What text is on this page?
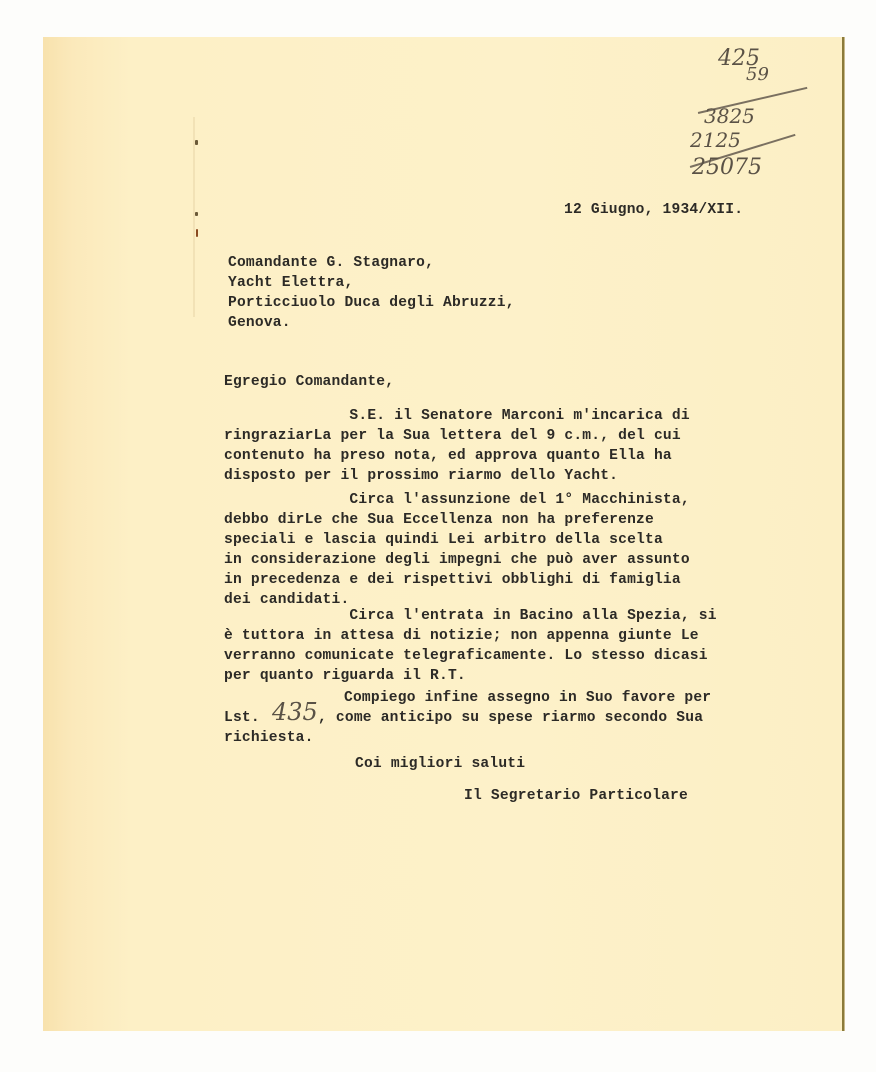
425
59
3825
2125
25075
12 Giugno, 1934/XII.
Comandante G. Stagnaro,
Yacht Elettra,
Porticciuolo Duca degli Abruzzi,
Genova.
Egregio Comandante,
S.E. il Senatore Marconi m'incarica di
ringraziarLa per la Sua lettera del 9 c.m., del cui
contenuto ha preso nota, ed approva quanto Ella ha
disposto per il prossimo riarmo dello Yacht.
Circa l'assunzione del 1° Macchinista,
debbo dirLe che Sua Eccellenza non ha preferenze
speciali e lascia quindi Lei arbitro della scelta
in considerazione degli impegni che può aver assunto
in precedenza e dei rispettivi obblighi di famiglia
dei candidati.
Circa l'entrata in Bacino alla Spezia, si
è tuttora in attesa di notizie; non appenna giunte Le
verranno comunicate telegraficamente. Lo stesso dicasi
per quanto riguarda il R.T.
Compiego infine assegno in Suo favore per
Lst. 435 , come anticipo su spese riarmo secondo Sua
richiesta.
Coi migliori saluti
Il Segretario Particolare
